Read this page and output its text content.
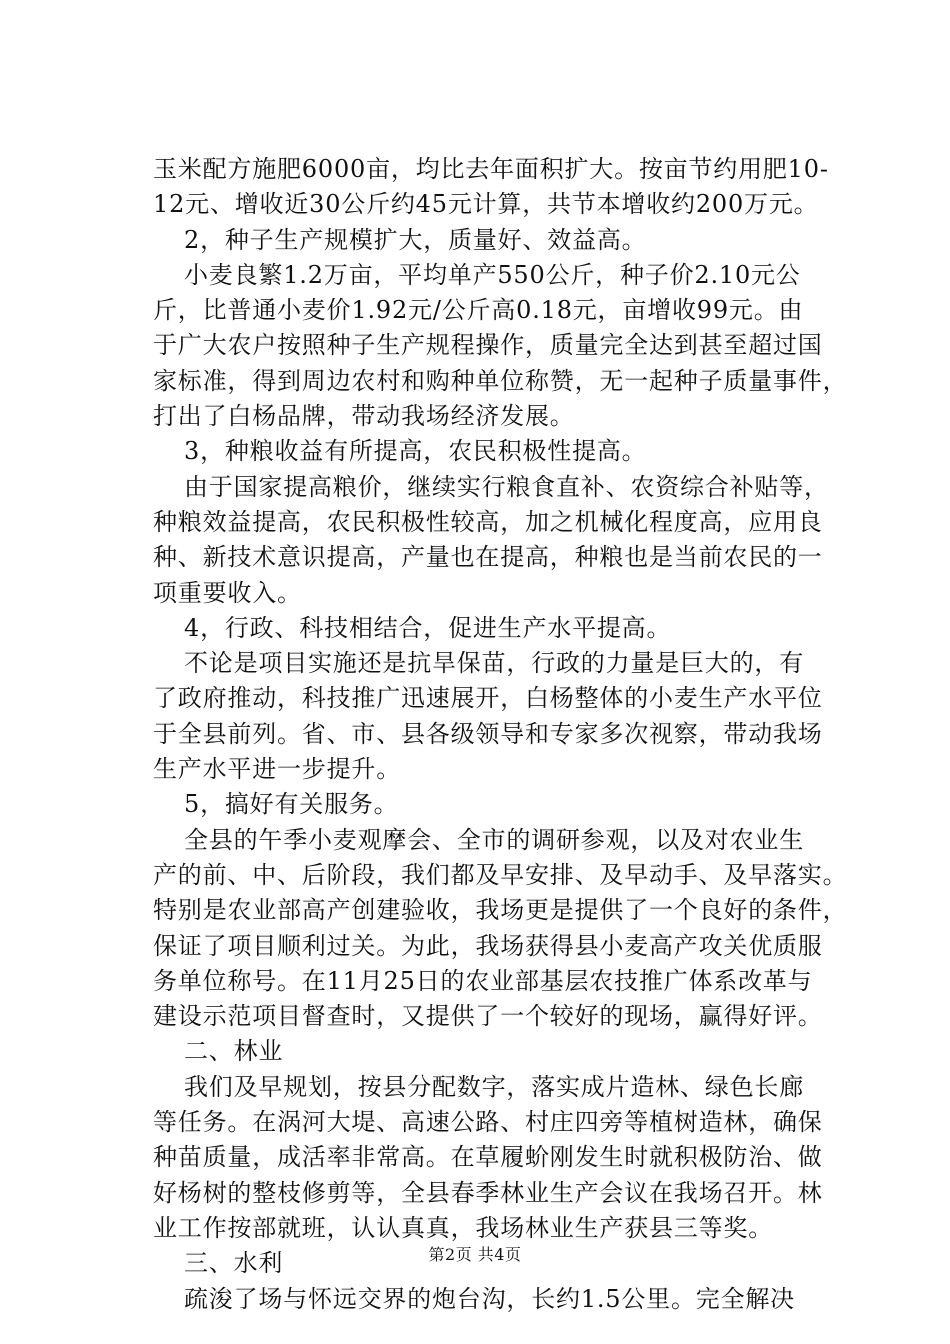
玉米配方施肥6000亩，均比去年面积扩大。按亩节约用肥10-
12元、增收近30公斤约45元计算，共节本增收约200万元。
2，种子生产规模扩大，质量好、效益高。
小麦良繁1.2万亩，平均单产550公斤，种子价2.10元公
斤，比普通小麦价1.92元/公斤高0.18元，亩增收99元。由
于广大农户按照种子生产规程操作，质量完全达到甚至超过国
家标准，得到周边农村和购种单位称赞，无一起种子质量事件，
打出了白杨品牌，带动我场经济发展。
3，种粮收益有所提高，农民积极性提高。
由于国家提高粮价，继续实行粮食直补、农资综合补贴等，
种粮效益提高，农民积极性较高，加之机械化程度高，应用良
种、新技术意识提高，产量也在提高，种粮也是当前农民的一
项重要收入。
4，行政、科技相结合，促进生产水平提高。
不论是项目实施还是抗旱保苗，行政的力量是巨大的，有
了政府推动，科技推广迅速展开，白杨整体的小麦生产水平位
于全县前列。省、市、县各级领导和专家多次视察，带动我场
生产水平进一步提升。
5，搞好有关服务。
全县的午季小麦观摩会、全市的调研参观，以及对农业生
产的前、中、后阶段，我们都及早安排、及早动手、及早落实。
特别是农业部高产创建验收，我场更是提供了一个良好的条件，
保证了项目顺利过关。为此，我场获得县小麦高产攻关优质服
务单位称号。在11月25日的农业部基层农技推广体系改革与
建设示范项目督查时，又提供了一个较好的现场，赢得好评。
二、林业
我们及早规划，按县分配数字，落实成片造林、绿色长廊
等任务。在涡河大堤、高速公路、村庄四旁等植树造林，确保
种苗质量，成活率非常高。在草履蚧刚发生时就积极防治、做
好杨树的整枝修剪等，全县春季林业生产会议在我场召开。林
业工作按部就班，认认真真，我场林业生产获县三等奖。
三、水利
疏浚了场与怀远交界的炮台沟，长约1.5公里。完全解决
第2页 共4页
